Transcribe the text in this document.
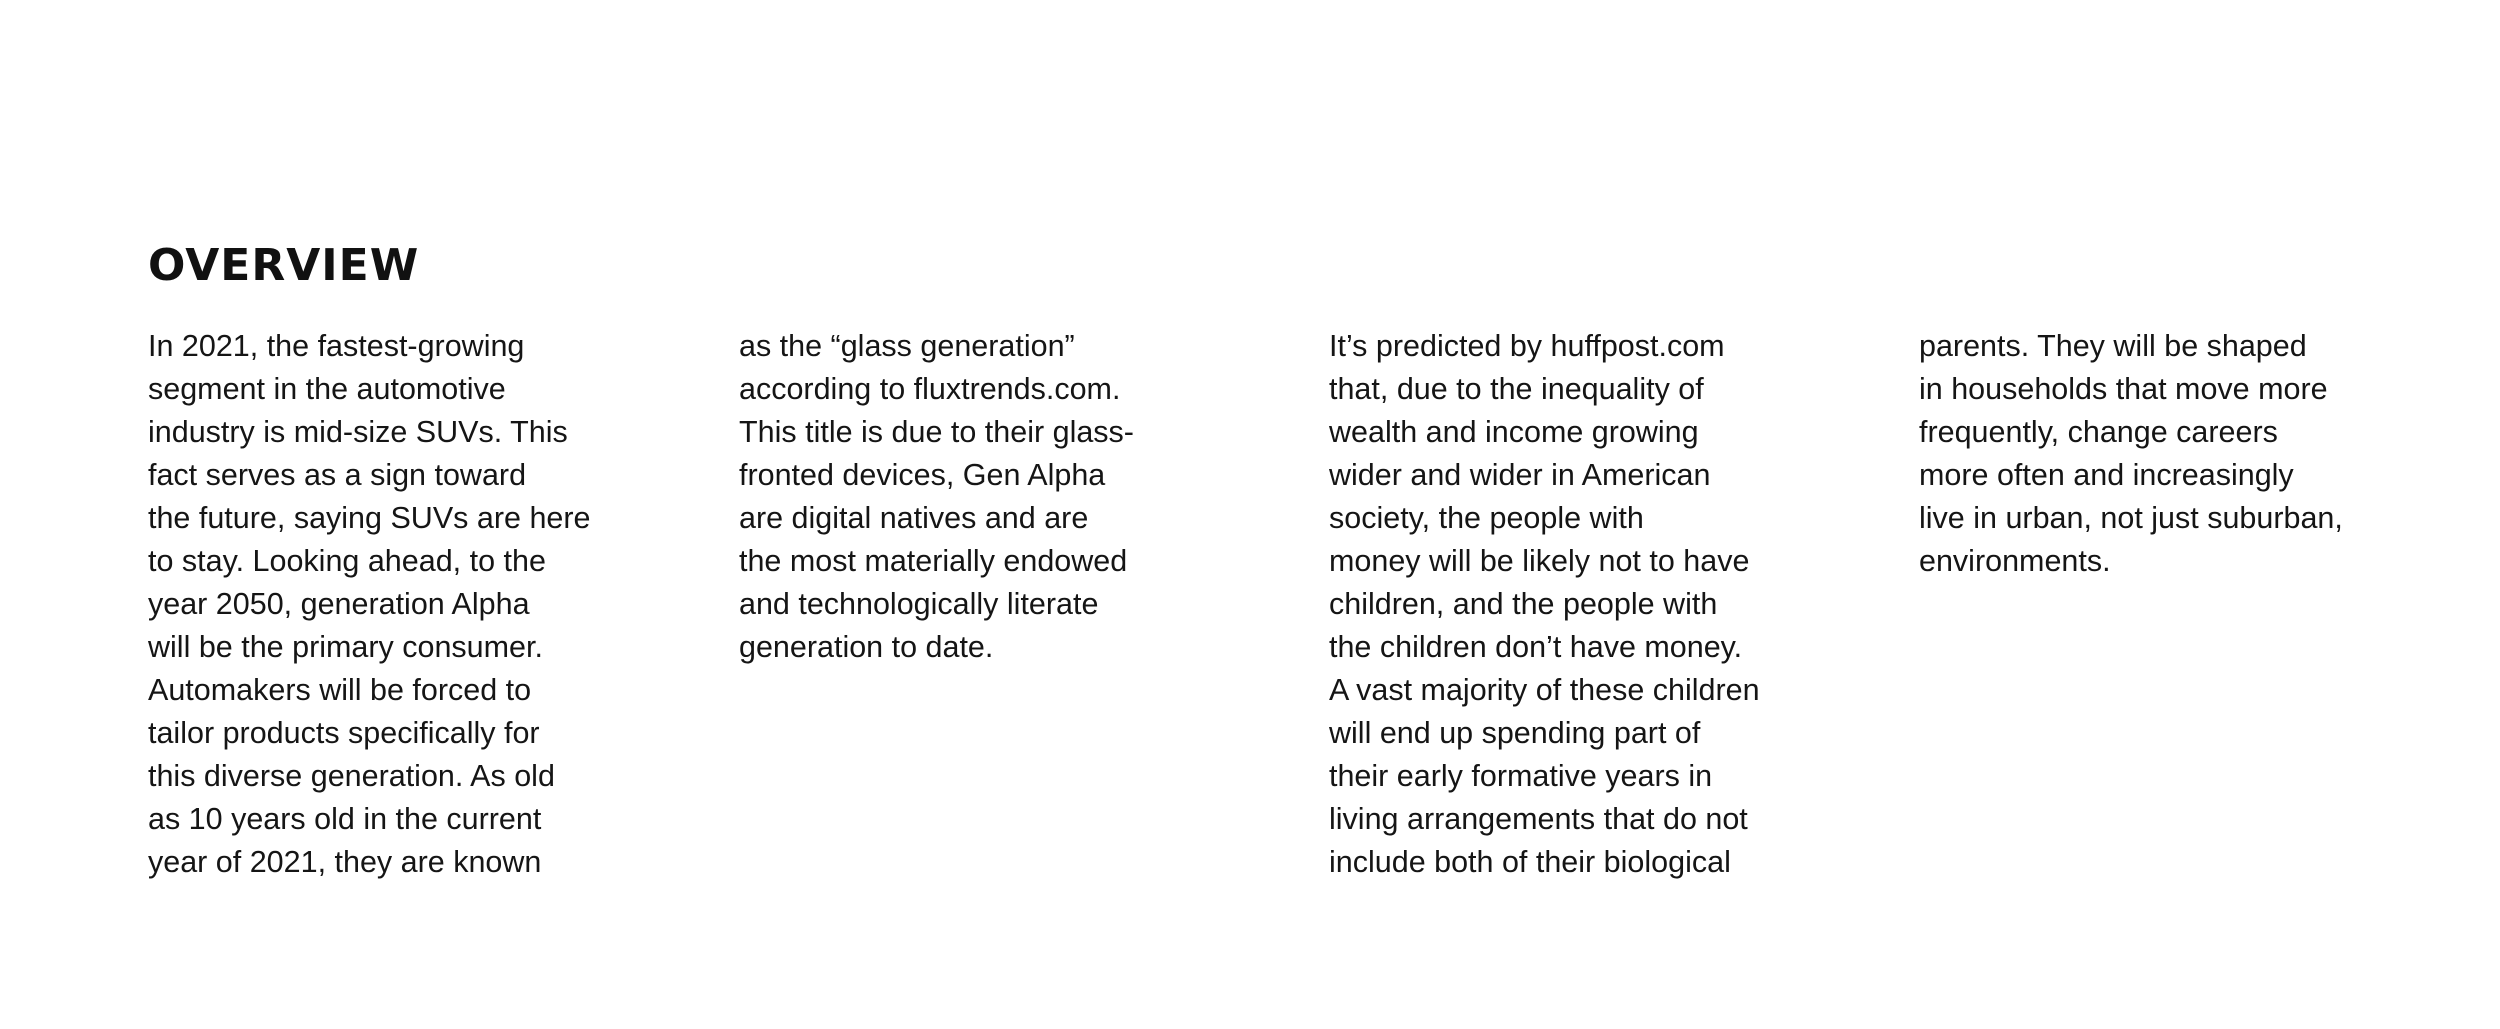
OVERVIEW
In 2021, the fastest-growing
segment in the automotive
industry is mid-size SUVs. This
fact serves as a sign toward
the future, saying SUVs are here
to stay. Looking ahead, to the
year 2050, generation Alpha
will be the primary consumer.
Automakers will be forced to
tailor products specifically for
this diverse generation. As old
as 10 years old in the current
year of 2021, they are known
as the “glass generation”
according to fluxtrends.com.
This title is due to their glass-
fronted devices, Gen Alpha
are digital natives and are
the most materially endowed
and technologically literate
generation to date.
It’s predicted by huffpost.com
that, due to the inequality of
wealth and income growing
wider and wider in American
society, the people with
money will be likely not to have
children, and the people with
the children don’t have money.
A vast majority of these children
will end up spending part of
their early formative years in
living arrangements that do not
include both of their biological
parents. They will be shaped
in households that move more
frequently, change careers
more often and increasingly
live in urban, not just suburban,
environments.
